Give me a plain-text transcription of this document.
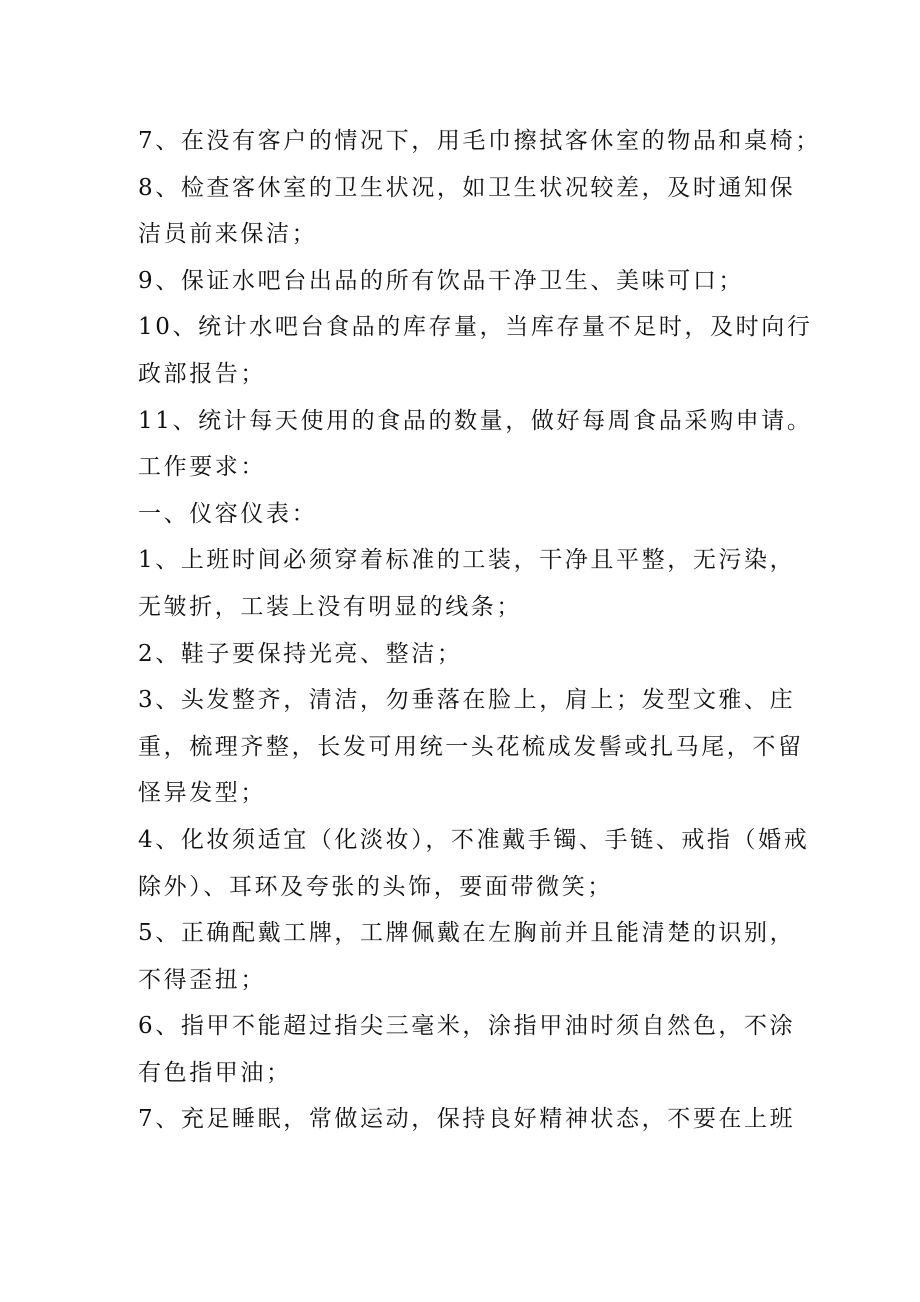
7、在没有客户的情况下，用毛巾擦拭客休室的物品和桌椅；
8、检查客休室的卫生状况，如卫生状况较差，及时通知保
洁员前来保洁；
9、保证水吧台出品的所有饮品干净卫生、美味可口；
10、统计水吧台食品的库存量，当库存量不足时，及时向行
政部报告；
11、统计每天使用的食品的数量，做好每周食品采购申请。
工作要求：
一、仪容仪表：
1、上班时间必须穿着标准的工装，干净且平整，无污染，
无皱折，工装上没有明显的线条；
2、鞋子要保持光亮、整洁；
3、头发整齐，清洁，勿垂落在脸上，肩上；发型文雅、庄
重，梳理齐整，长发可用统一头花梳成发髻或扎马尾，不留
怪异发型；
4、化妆须适宜（化淡妆），不准戴手镯、手链、戒指（婚戒
除外）、耳环及夸张的头饰，要面带微笑；
5、正确配戴工牌，工牌佩戴在左胸前并且能清楚的识别，
不得歪扭；
6、指甲不能超过指尖三毫米，涂指甲油时须自然色，不涂
有色指甲油；
7、充足睡眠，常做运动，保持良好精神状态，不要在上班
